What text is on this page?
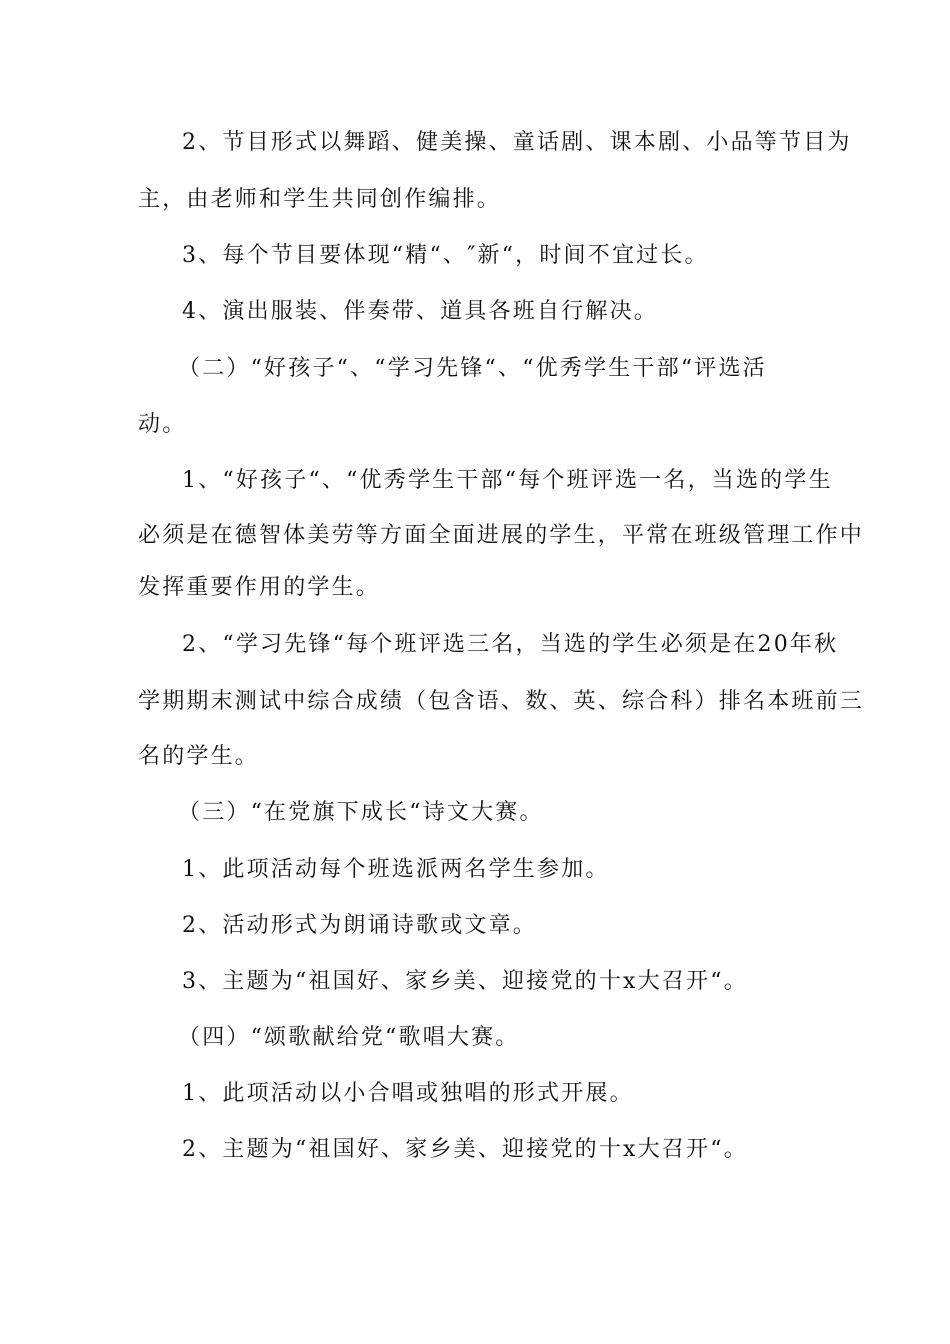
2、节目形式以舞蹈、健美操、童话剧、课本剧、小品等节目为
主，由老师和学生共同创作编排。
3、每个节目要体现“精“、″新“，时间不宜过长。
4、演出服装、伴奏带、道具各班自行解决。
（二）“好孩子“、“学习先锋“、“优秀学生干部“评选活
动。
1、“好孩子“、“优秀学生干部“每个班评选一名，当选的学生
必须是在德智体美劳等方面全面进展的学生，平常在班级管理工作中
发挥重要作用的学生。
2、“学习先锋“每个班评选三名，当选的学生必须是在20年秋
学期期末测试中综合成绩（包含语、数、英、综合科）排名本班前三
名的学生。
（三）“在党旗下成长“诗文大赛。
1、此项活动每个班选派两名学生参加。
2、活动形式为朗诵诗歌或文章。
3、主题为“祖国好、家乡美、迎接党的十x大召开“。
（四）“颂歌献给党“歌唱大赛。
1、此项活动以小合唱或独唱的形式开展。
2、主题为“祖国好、家乡美、迎接党的十x大召开“。
